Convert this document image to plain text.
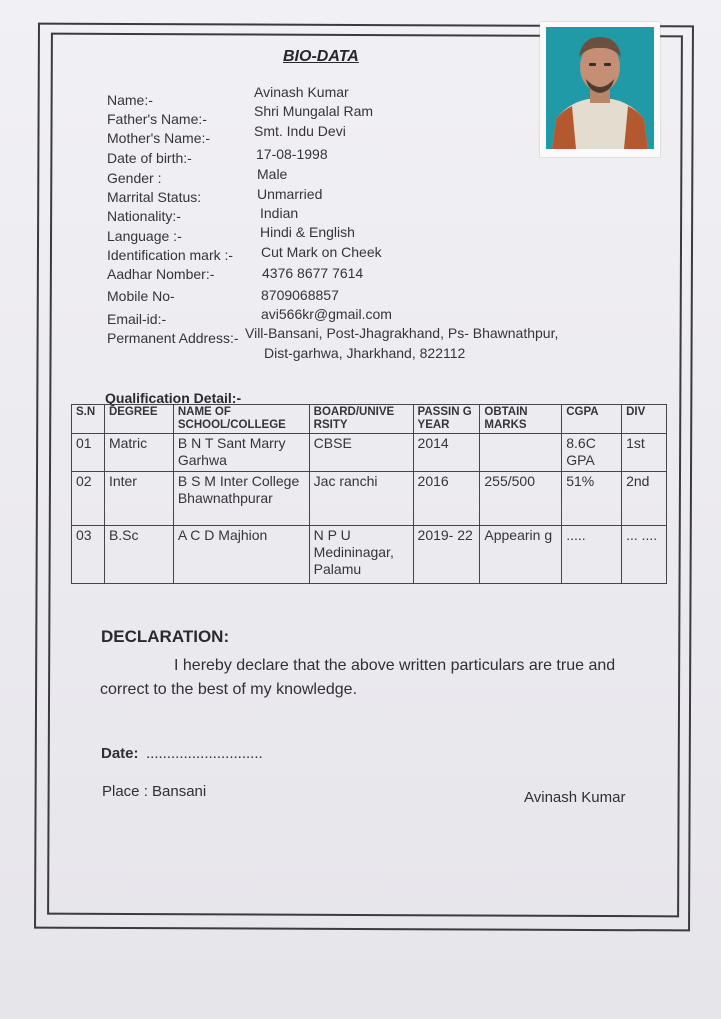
BIO-DATA
Name:-	Avinash Kumar
Father's Name:-	Shri Mungalal Ram
Mother's Name:-	Smt. Indu Devi
Date of birth:-	17-08-1998
Gender :	Male
Marrital Status:	Unmarried
Nationality:-	Indian
Language :-	Hindi & English
Identification mark :- Cut Mark on Cheek
Aadhar Nomber:-	4376 8677 7614
Mobile No-	8709068857
Email-id:-	avi566kr@gmail.com
Permanent Address:- Vill-Bansani, Post-Jhagrakhand, Ps- Bhawnathpur,
Dist-garhwa, Jharkhand, 822112
Qualification Detail:-
S.N	DEGREE	NAME OF SCHOOL/COLLEGE	BOARD/UNIVE RSITY	PASSIN G YEAR	OBTAIN MARKS	CGPA	DIV
01	Matric	B N T Sant Marry Garhwa	CBSE	2014		8.6C GPA	1st
02	Inter	B S M Inter College Bhawnathpurar	Jac ranchi	2016	255/500	51%	2nd
03	B.Sc	A C D Majhion	N P U Medininagar, Palamu	2019- 22	Appearin g	.....	... ....
DECLARATION:
I hereby declare that the above written particulars are true and
correct to the best of my knowledge.
Date: ............................
Place : Bansani	Avinash Kumar
